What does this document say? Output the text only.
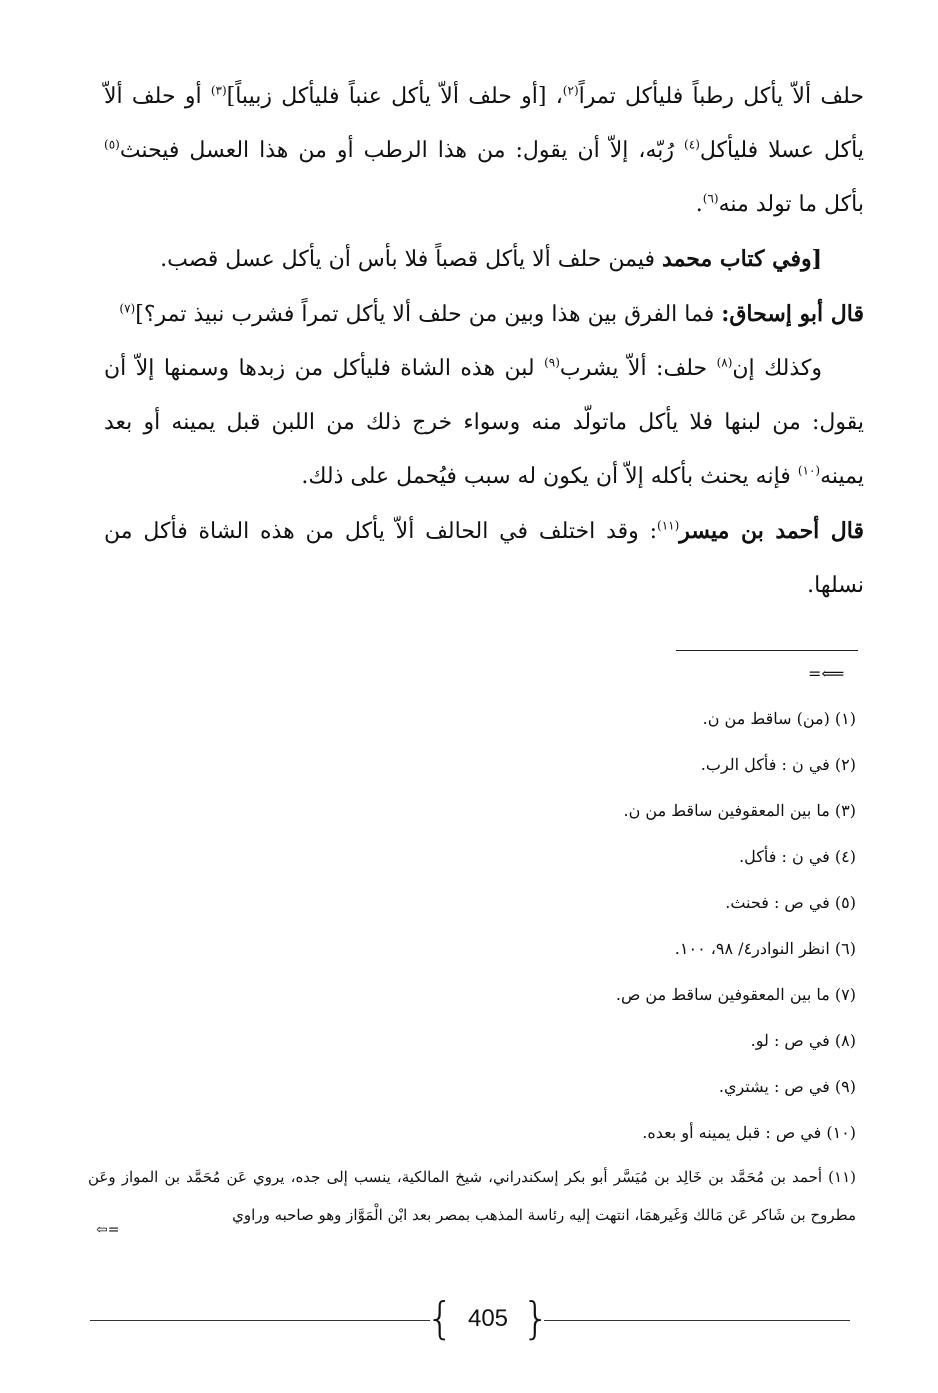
حلف ألاّ يأكل رطباً فليأكل تمراً$^{(٢)}$، [أو حلف ألاّ يأكل عنباً فليأكل زبيباً]$^{(٣)}$ أو حلف ألاّ يأكل عسلا فليأكل$^{(٤)}$ رُبّه، إلاّ أن يقول: من هذا الرطب أو من هذا العسل فيحنث$^{(٥)}$ بأكل ما تولد منه$^{(٦)}$.

[وفي كتاب محمد فيمن حلف ألا يأكل قصباً فلا بأس أن يأكل عسل قصب.

قال أبو إسحاق: فما الفرق بين هذا وبين من حلف ألا يأكل تمراً فشرب نبيذ تمر؟]$^{(٧)}$

وكذلك إن$^{(٨)}$ حلف: ألاّ يشرب$^{(٩)}$ لبن هذه الشاة فليأكل من زبدها وسمنها إلاّ أن يقول: من لبنها فلا يأكل ماتولّد منه وسواء خرج ذلك من اللبن قبل يمينه أو بعد يمينه$^{(١٠)}$ فإنه يحنث بأكله إلاّ أن يكون له سبب فيُحمل على ذلك.

قال أحمد بن ميسر$^{(١١)}$: وقد اختلف في الحالف ألاّ يأكل من هذه الشاة فأكل من نسلها.

⟸=
(١) (من) ساقط من ن.
(٢) في ن : فأكل الرب.
(٣) ما بين المعقوفين ساقط من ن.
(٤) في ن : فأكل.
(٥) في ص : فحنث.
(٦) انظر النوادر٤/ ٩٨، ١٠٠.
(٧) ما بين المعقوفين ساقط من ص.
(٨) في ص : لو.
(٩) في ص : يشتري.
(١٠) في ص : قبل يمينه أو بعده.
(١١) أحمد بن مُحَمَّد بن خَالِد بن مُيَسَّر أبو بكر إسكندراني، شيخ المالكية، ينسب إلى جده، يروي عَن مُحَمَّد بن المواز وعَن مطروح بن شَاكر عَن مَالك وَغَيرهمَا، انتهت إليه رئاسة المذهب بمصر بعد ابْن الْمَوَّاز وهو صاحبه وراوي
⇦=
{ 405 }
